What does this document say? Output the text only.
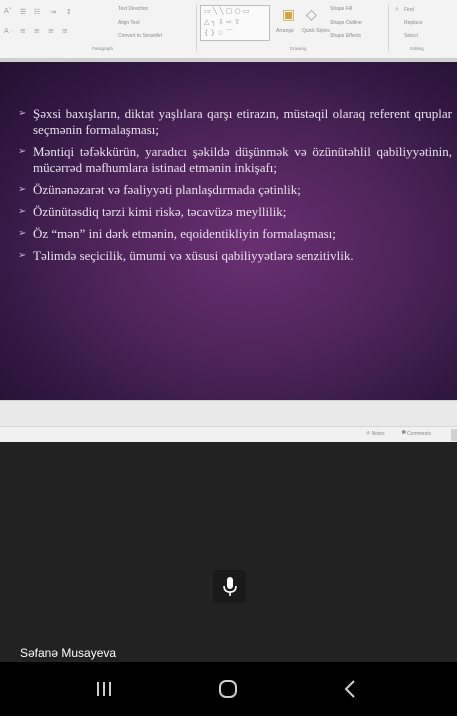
A˅
A ·
☰ ☷ ⇥ ↕
≡ ≡ ≡ ≡
Text Direction
Align Text
Convert to SmartArt
Paragraph
▭ ╲ ╲ ▢ ○ ▭
△ ┐ ⇩ ⇨ ⇧
{ } ☆ ⌒
▣
Arrange
◇
Quick Styles
Shape Fill
Shape Outline
Shape Effects
Drawing
⌕ Find
Replace
Select
Editing
➢ Şəxsi baxışların, diktat yaşlılara qarşı etirazın, müstəqil olaraq referent qruplar seçmənin formalaşması;
➢ Məntiqi təfəkkürün, yaradıcı şəkildə düşünmək və özünütəhlil qabiliyyətinin, mücərrəd məfhumlara istinad etmənin inkişafı;
➢ Özünənəzarət və fəaliyyəti planlaşdırmada çətinlik;
➢ Özünütəsdiq tərzi kimi riskə, təcavüzə meyllilik;
➢ Öz “mən” ini dərk etmənin, eqoidentikliyin formalaşması;
➢ Təlimdə seçicilik, ümumi və xüsusi qabiliyyətlərə senzitivlik.
≙ Notes	▀ Comments
Səfanə Musayeva
